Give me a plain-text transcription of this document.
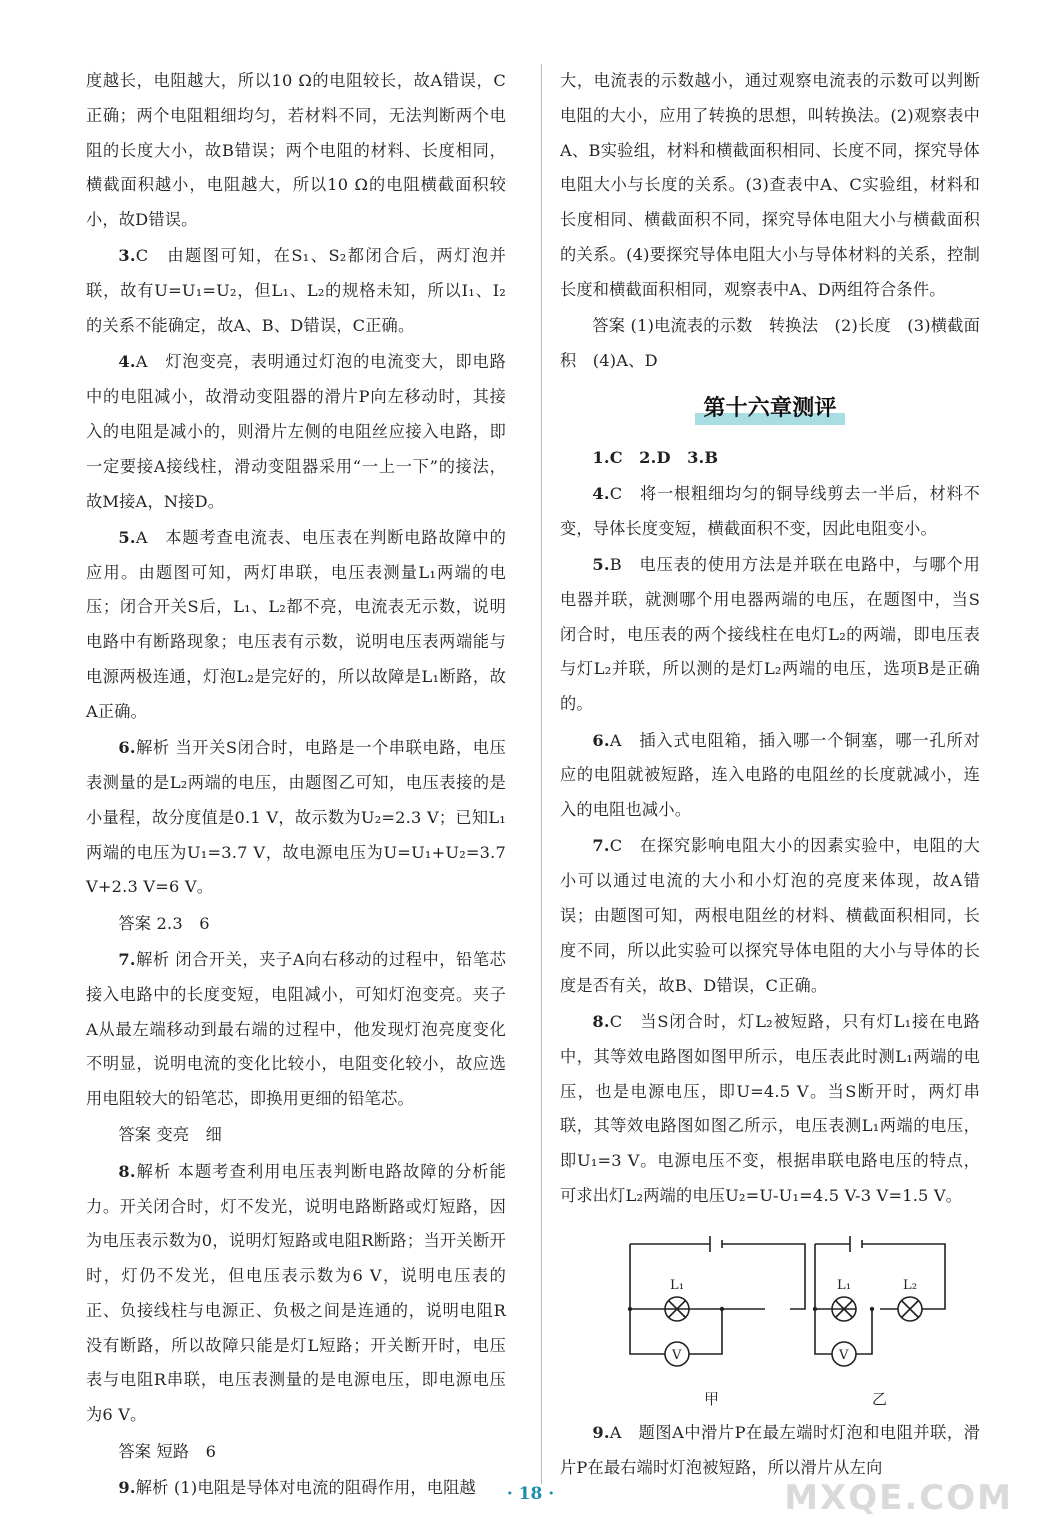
度越长，电阻越大，所以10 Ω的电阻较长，故A错误，C正确；两个电阻粗细均匀，若材料不同，无法判断两个电阻的长度大小，故B错误；两个电阻的材料、长度相同，横截面积越小，电阻越大，所以10 Ω的电阻横截面积较小，故D错误。

3.C　由题图可知，在S₁、S₂都闭合后，两灯泡并联，故有U=U₁=U₂，但L₁、L₂的规格未知，所以I₁、I₂的关系不能确定，故A、B、D错误，C正确。

4.A　灯泡变亮，表明通过灯泡的电流变大，即电路中的电阻减小，故滑动变阻器的滑片P向左移动时，其接入的电阻是减小的，则滑片左侧的电阻丝应接入电路，即一定要接A接线柱，滑动变阻器采用“一上一下”的接法，故M接A，N接D。

5.A　本题考查电流表、电压表在判断电路故障中的应用。由题图可知，两灯串联，电压表测量L₁两端的电压；闭合开关S后，L₁、L₂都不亮，电流表无示数，说明电路中有断路现象；电压表有示数，说明电压表两端能与电源两极连通，灯泡L₂是完好的，所以故障是L₁断路，故A正确。

6.解析 当开关S闭合时，电路是一个串联电路，电压表测量的是L₂两端的电压，由题图乙可知，电压表接的是小量程，故分度值是0.1 V，故示数为U₂=2.3 V；已知L₁两端的电压为U₁=3.7 V，故电源电压为U=U₁+U₂=3.7 V+2.3 V=6 V。

答案 2.3　6

7.解析 闭合开关，夹子A向右移动的过程中，铅笔芯接入电路中的长度变短，电阻减小，可知灯泡变亮。夹子A从最左端移动到最右端的过程中，他发现灯泡亮度变化不明显，说明电流的变化比较小，电阻变化较小，故应选用电阻较大的铅笔芯，即换用更细的铅笔芯。

答案 变亮　细

8.解析 本题考查利用电压表判断电路故障的分析能力。开关闭合时，灯不发光，说明电路断路或灯短路，因为电压表示数为0，说明灯短路或电阻R断路；当开关断开时，灯仍不发光，但电压表示数为6 V，说明电压表的正、负接线柱与电源正、负极之间是连通的，说明电阻R没有断路，所以故障只能是灯L短路；开关断开时，电压表与电阻R串联，电压表测量的是电源电压，即电源电压为6 V。

答案 短路　6

9.解析 (1)电阻是导体对电流的阻碍作用，电阻越

大，电流表的示数越小，通过观察电流表的示数可以判断电阻的大小，应用了转换的思想，叫转换法。(2)观察表中A、B实验组，材料和横截面积相同、长度不同，探究导体电阻大小与长度的关系。(3)查表中A、C实验组，材料和长度相同、横截面积不同，探究导体电阻大小与横截面积的关系。(4)要探究导体电阻大小与导体材料的关系，控制长度和横截面积相同，观察表中A、D两组符合条件。

答案 (1)电流表的示数　转换法　(2)长度　(3)横截面积　(4)A、D

第十六章测评

1.C　2.D　3.B

4.C　将一根粗细均匀的铜导线剪去一半后，材料不变，导体长度变短，横截面积不变，因此电阻变小。

5.B　电压表的使用方法是并联在电路中，与哪个用电器并联，就测哪个用电器两端的电压，在题图中，当S闭合时，电压表的两个接线柱在电灯L₂的两端，即电压表与灯L₂并联，所以测的是灯L₂两端的电压，选项B是正确的。

6.A　插入式电阻箱，插入哪一个铜塞，哪一孔所对应的电阻就被短路，连入电路的电阻丝的长度就减小，连入的电阻也减小。

7.C　在探究影响电阻大小的因素实验中，电阻的大小可以通过电流的大小和小灯泡的亮度来体现，故A错误；由题图可知，两根电阻丝的材料、横截面积相同，长度不同，所以此实验可以探究导体电阻的大小与导体的长度是否有关，故B、D错误，C正确。

8.C　当S闭合时，灯L₂被短路，只有灯L₁接在电路中，其等效电路图如图甲所示，电压表此时测L₁两端的电压，也是电源电压，即U=4.5 V。当S断开时，两灯串联，其等效电路图如图乙所示，电压表测L₁两端的电压，即U₁=3 V。电源电压不变，根据串联电路电压的特点，可求出灯L₂两端的电压U₂=U-U₁=4.5 V-3 V=1.5 V。

L₁
V
L₁	L₂
V
甲	乙

9.A　题图A中滑片P在最左端时灯泡和电阻并联，滑片P在最右端时灯泡被短路，所以滑片从左向

· 18 ·	MXQE.COM
